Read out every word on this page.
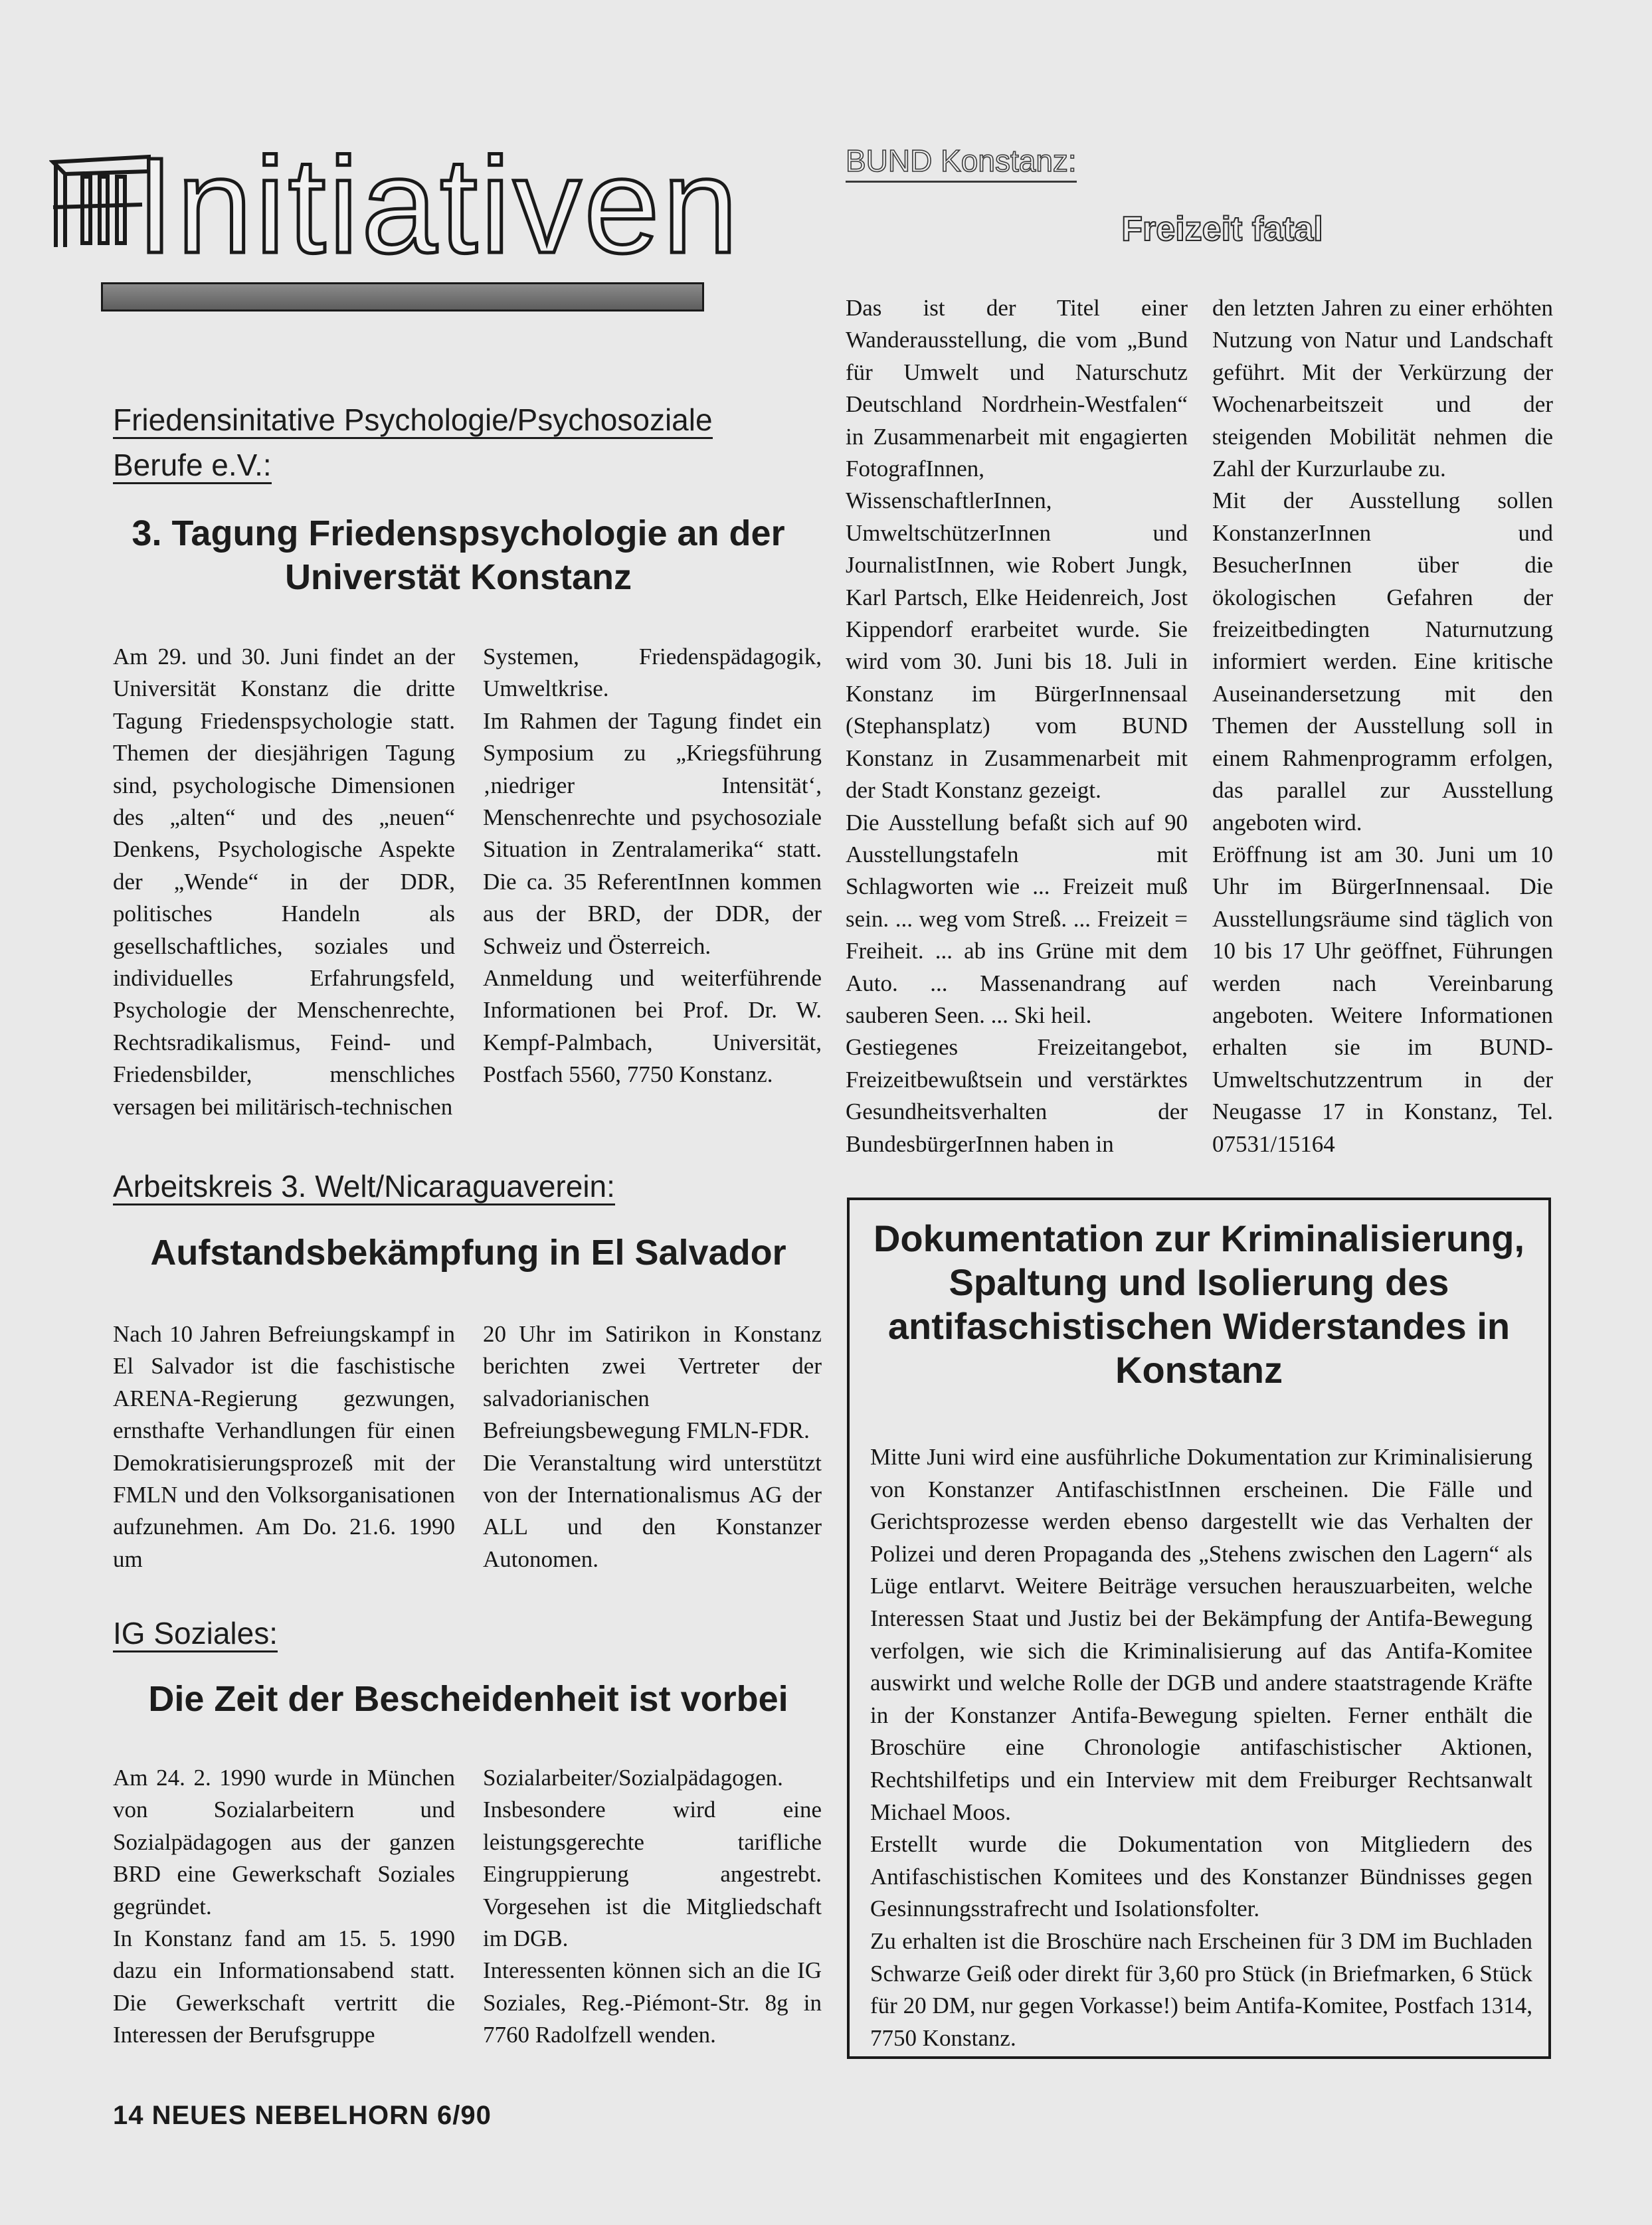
Initiativen
Friedensinitative Psychologie/Psychosoziale Berufe e.V.:
3. Tagung Friedenspsychologie an der Universtät Konstanz

Am 29. und 30. Juni findet an der Universität Konstanz die dritte Tagung Friedenspsychologie statt. Themen der diesjährigen Tagung sind, psychologische Dimensionen des „alten“ und des „neuen“ Denkens, Psychologische Aspekte der „Wende“ in der DDR, politisches Handeln als gesellschaftliches, soziales und individuelles Erfahrungsfeld, Psychologie der Menschenrechte, Rechtsradikalismus, Feind- und Friedensbilder, menschliches versagen bei militärisch-technischen

Systemen, Friedenspädagogik, Umweltkrise.

Im Rahmen der Tagung findet ein Symposium zu „Kriegsführung ‚niedriger Intensität‘, Menschenrechte und psychosoziale Situation in Zentralamerika“ statt. Die ca. 35 ReferentInnen kommen aus der BRD, der DDR, der Schweiz und Österreich.

Anmeldung und weiterführende Informationen bei Prof. Dr. W. Kempf-Palmbach, Universität, Postfach 5560, 7750 Konstanz.

Arbeitskreis 3. Welt/Nicaraguaverein:
Aufstandsbekämpfung in El Salvador

Nach 10 Jahren Befreiungskampf in El Salvador ist die faschistische ARENA-Regierung gezwungen, ernsthafte Verhandlungen für einen Demokratisierungsprozeß mit der FMLN und den Volksorganisationen aufzunehmen. Am Do. 21.6. 1990 um

20 Uhr im Satirikon in Konstanz berichten zwei Vertreter der salvadorianischen Befreiungsbewegung FMLN-FDR.

Die Veranstaltung wird unterstützt von der Internationalismus AG der ALL und den Konstanzer Autonomen.

IG Soziales:
Die Zeit der Bescheidenheit ist vorbei

Am 24. 2. 1990 wurde in München von Sozialarbeitern und Sozialpädagogen aus der ganzen BRD eine Gewerkschaft Soziales gegründet.

In Konstanz fand am 15. 5. 1990 dazu ein Informationsabend statt. Die Gewerkschaft vertritt die Interessen der Berufsgruppe

Sozialarbeiter/Sozialpädagogen.

Insbesondere wird eine leistungsgerechte tarifliche Eingruppierung angestrebt. Vorgesehen ist die Mitgliedschaft im DGB.

Interessenten können sich an die IG Soziales, Reg.-Piémont-Str. 8g in 7760 Radolfzell wenden.

BUND Konstanz:
Freizeit fatal

Das ist der Titel einer Wanderausstellung, die vom „Bund für Umwelt und Naturschutz Deutschland Nordrhein-Westfalen“ in Zusammenarbeit mit engagierten FotografInnen, WissenschaftlerInnen, UmweltschützerInnen und JournalistInnen, wie Robert Jungk, Karl Partsch, Elke Heidenreich, Jost Kippendorf erarbeitet wurde. Sie wird vom 30. Juni bis 18. Juli in Konstanz im BürgerInnensaal (Stephansplatz) vom BUND Konstanz in Zusammenarbeit mit der Stadt Konstanz gezeigt.

Die Ausstellung befaßt sich auf 90 Ausstellungstafeln mit Schlagworten wie ... Freizeit muß sein. ... weg vom Streß. ... Freizeit = Freiheit. ... ab ins Grüne mit dem Auto. ... Massenandrang auf sauberen Seen. ... Ski heil.

Gestiegenes Freizeitangebot, Freizeitbewußtsein und verstärktes Gesundheitsverhalten der BundesbürgerInnen haben in

den letzten Jahren zu einer erhöhten Nutzung von Natur und Landschaft geführt. Mit der Verkürzung der Wochenarbeitszeit und der steigenden Mobilität nehmen die Zahl der Kurzurlaube zu.

Mit der Ausstellung sollen KonstanzerInnen und BesucherInnen über die ökologischen Gefahren der freizeitbedingten Naturnutzung informiert werden. Eine kritische Auseinandersetzung mit den Themen der Ausstellung soll in einem Rahmenprogramm erfolgen, das parallel zur Ausstellung angeboten wird.

Eröffnung ist am 30. Juni um 10 Uhr im BürgerInnensaal. Die Ausstellungsräume sind täglich von 10 bis 17 Uhr geöffnet, Führungen werden nach Vereinbarung angeboten. Weitere Informationen erhalten sie im BUND-Umweltschutzzentrum in der Neugasse 17 in Konstanz, Tel. 07531/15164

Dokumentation zur Kriminalisierung, Spaltung und Isolierung des antifaschistischen Widerstandes in Konstanz

Mitte Juni wird eine ausführliche Dokumentation zur Kriminalisierung von Konstanzer AntifaschistInnen erscheinen. Die Fälle und Gerichtsprozesse werden ebenso dargestellt wie das Verhalten der Polizei und deren Propaganda des „Stehens zwischen den Lagern“ als Lüge entlarvt. Weitere Beiträge versuchen herauszuarbeiten, welche Interessen Staat und Justiz bei der Bekämpfung der Antifa-Bewegung verfolgen, wie sich die Kriminalisierung auf das Antifa-Komitee auswirkt und welche Rolle der DGB und andere staatstragende Kräfte in der Konstanzer Antifa-Bewegung spielten. Ferner enthält die Broschüre eine Chronologie antifaschistischer Aktionen, Rechtshilfetips und ein Interview mit dem Freiburger Rechtsanwalt Michael Moos.

Erstellt wurde die Dokumentation von Mitgliedern des Antifaschistischen Komitees und des Konstanzer Bündnisses gegen Gesinnungsstrafrecht und Isolationsfolter.

Zu erhalten ist die Broschüre nach Erscheinen für 3 DM im Buchladen Schwarze Geiß oder direkt für 3,60 pro Stück (in Briefmarken, 6 Stück für 20 DM, nur gegen Vorkasse!) beim Antifa-Komitee, Postfach 1314, 7750 Konstanz.

14 NEUES NEBELHORN 6/90
